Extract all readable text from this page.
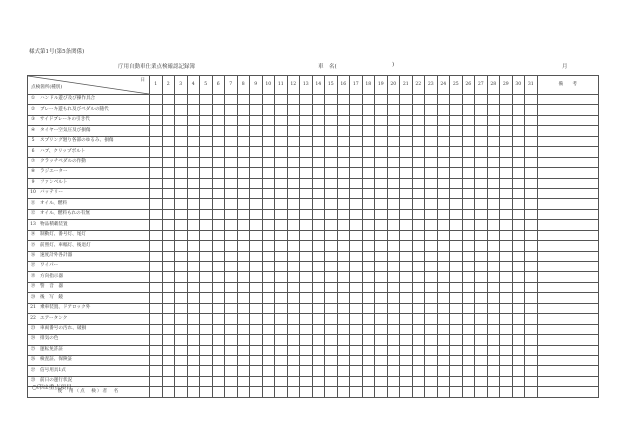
様式第1号(第5条関係)
庁用自動車仕業点検確認記録簿	車　名(	)	月
日
点検箇所(種別)	1	2	3	4	5	6	7	8	9	10	11	12	13	14	15	16	17	18	19	20	21	22	23	24	25	26	27	28	29	30	31	備　　考
① ハンドル遊び及び操作具合																																
② ブレーキ遊もれ及びペダルの随代																																
③ サイドブレーキの引き代																																
④ タイヤー空気圧及び損傷																																
5 スプリング廻り各部のゆるみ、損傷																																
6 ハブ、クリップボルト																																
⑦ クラッチペダルの作動																																
⑧ ラジエーター																																
9 ファンベルト																																
10 バッテリー																																
⑪ オイル、燃料																																
⑫ オイル、燃料もれの有無																																
13 物品積載装置																																
⑭ 制動灯、番号灯、尾灯																																
⑮ 前照灯、車幅灯、後退灯																																
⑯ 速度計外各計器																																
⑰ ワイパー																																
⑱ 方向指示器																																
⑲ 警　音　器																																
⑳ 後　写　鏡																																
21 乗車装置、ドアロック外																																
22 エアータンク																																
㉓ 車両番号の汚れ、破損																																
㉔ 排気の色																																
㉕ 運転免許証																																
㉖ 検査証、保険証																																
㉗ 信号用具1式																																
㉘ 前日の運行状況																																
使　用（点　検）者　名																																
○印は重点項目
